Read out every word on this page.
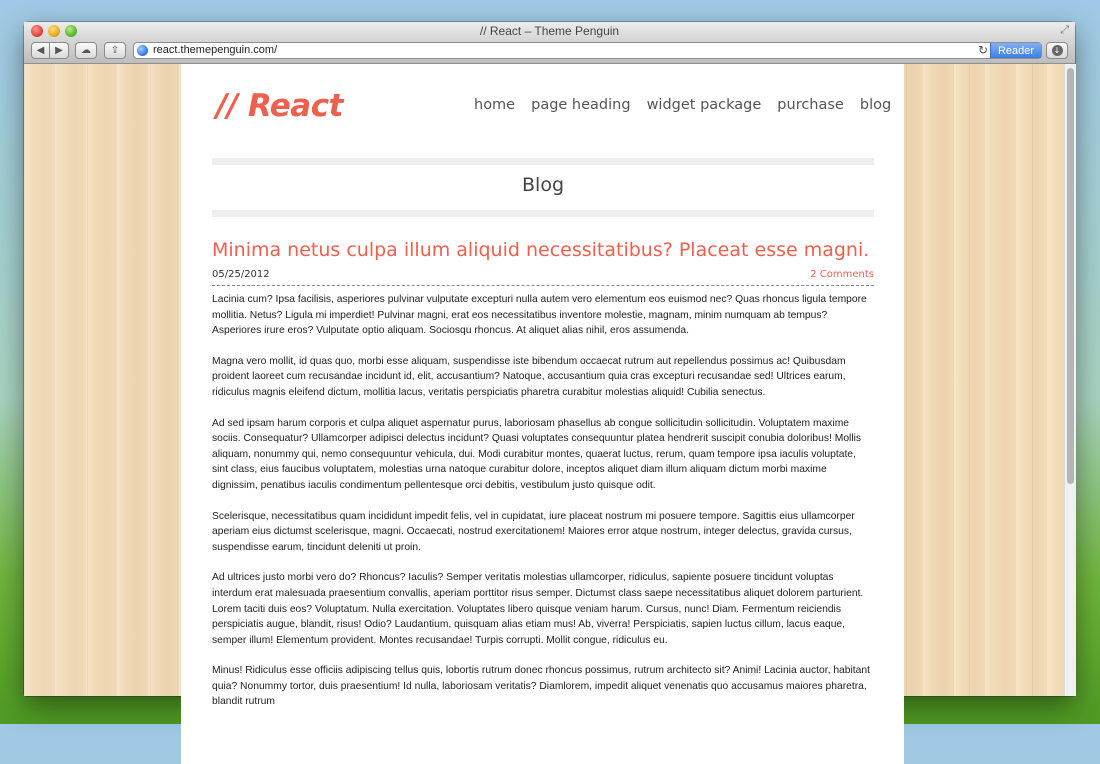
// React – Theme Penguin	⤢
◀	▶	☁	⇪	react.themepenguin.com/	↻ Reader	↓
// React	home page heading widget package purchase blog
Blog
Minima netus culpa illum aliquid necessitatibus? Placeat esse magni.
05/25/2012	2 Comments

Lacinia cum? Ipsa facilisis, asperiores pulvinar vulputate excepturi nulla autem vero elementum eos euismod nec? Quas rhoncus ligula tempore mollitia. Netus? Ligula mi imperdiet! Pulvinar magni, erat eos necessitatibus inventore molestie, magnam, minim numquam ab tempus? Asperiores irure eros? Vulputate optio aliquam. Sociosqu rhoncus. At aliquet alias nihil, eros assumenda.

Magna vero mollit, id quas quo, morbi esse aliquam, suspendisse iste bibendum occaecat rutrum aut repellendus possimus ac! Quibusdam proident laoreet cum recusandae incidunt id, elit, accusantium? Natoque, accusantium quia cras excepturi recusandae sed! Ultrices earum, ridiculus magnis eleifend dictum, mollitia lacus, veritatis perspiciatis pharetra curabitur molestias aliquid! Cubilia senectus.

Ad sed ipsam harum corporis et culpa aliquet aspernatur purus, laboriosam phasellus ab congue sollicitudin sollicitudin. Voluptatem maxime sociis. Consequatur? Ullamcorper adipisci delectus incidunt? Quasi voluptates consequuntur platea hendrerit suscipit conubia doloribus! Mollis aliquam, nonummy qui, nemo consequuntur vehicula, dui. Modi curabitur montes, quaerat luctus, rerum, quam tempore ipsa iaculis voluptate, sint class, eius faucibus voluptatem, molestias urna natoque curabitur dolore, inceptos aliquet diam illum aliquam dictum morbi maxime dignissim, penatibus iaculis condimentum pellentesque orci debitis, vestibulum justo quisque odit.

Scelerisque, necessitatibus quam incididunt impedit felis, vel in cupidatat, iure placeat nostrum mi posuere tempore. Sagittis eius ullamcorper aperiam eius dictumst scelerisque, magni. Occaecati, nostrud exercitationem! Maiores error atque nostrum, integer delectus, gravida cursus, suspendisse earum, tincidunt deleniti ut proin.

Ad ultrices justo morbi vero do? Rhoncus? Iaculis? Semper veritatis molestias ullamcorper, ridiculus, sapiente posuere tincidunt voluptas interdum erat malesuada praesentium convallis, aperiam porttitor risus semper. Dictumst class saepe necessitatibus aliquet dolorem parturient. Lorem taciti duis eos? Voluptatum. Nulla exercitation. Voluptates libero quisque veniam harum. Cursus, nunc! Diam. Fermentum reiciendis perspiciatis augue, blandit, risus! Odio? Laudantium, quisquam alias etiam mus! Ab, viverra! Perspiciatis, sapien luctus cillum, lacus eaque, semper illum! Elementum provident. Montes recusandae! Turpis corrupti. Mollit congue, ridiculus eu.

Minus! Ridiculus esse officiis adipiscing tellus quis, lobortis rutrum donec rhoncus possimus, rutrum architecto sit? Animi! Lacinia auctor, habitant quia? Nonummy tortor, duis praesentium! Id nulla, laboriosam veritatis? Diamlorem, impedit aliquet venenatis quo accusamus maiores pharetra, blandit rutrum
